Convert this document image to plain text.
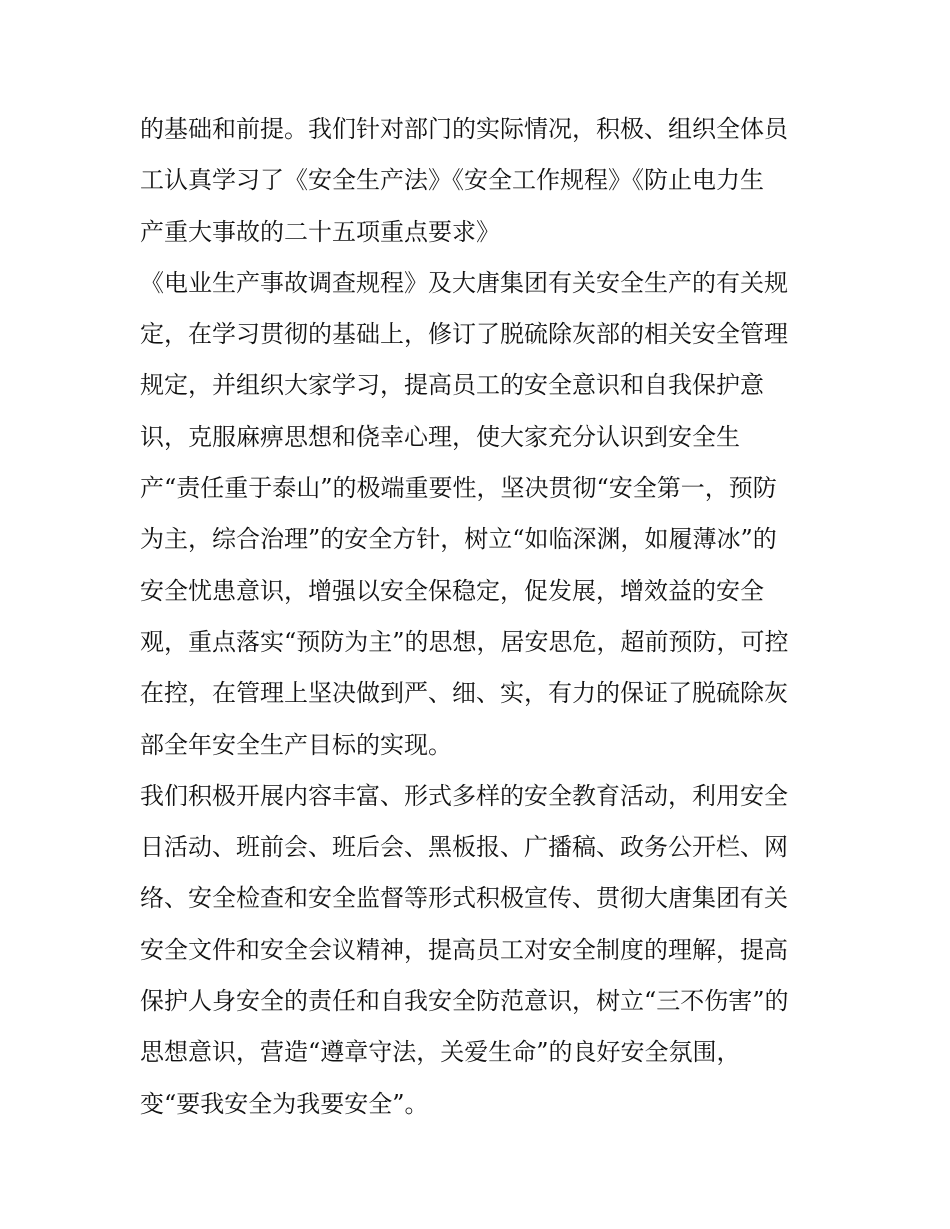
的基础和前提。我们针对部门的实际情况，积极、组织全体员
工认真学习了《安全生产法》《安全工作规程》《防止电力生
产重大事故的二十五项重点要求》
《电业生产事故调查规程》及大唐集团有关安全生产的有关规
定，在学习贯彻的基础上，修订了脱硫除灰部的相关安全管理
规定，并组织大家学习，提高员工的安全意识和自我保护意
识，克服麻痹思想和侥幸心理，使大家充分认识到安全生
产“责任重于泰山”的极端重要性，坚决贯彻“安全第一，预防
为主，综合治理”的安全方针，树立“如临深渊，如履薄冰”的
安全忧患意识，增强以安全保稳定，促发展，增效益的安全
观，重点落实“预防为主”的思想，居安思危，超前预防，可控
在控，在管理上坚决做到严、细、实，有力的保证了脱硫除灰
部全年安全生产目标的实现。
我们积极开展内容丰富、形式多样的安全教育活动，利用安全
日活动、班前会、班后会、黑板报、广播稿、政务公开栏、网
络、安全检查和安全监督等形式积极宣传、贯彻大唐集团有关
安全文件和安全会议精神，提高员工对安全制度的理解，提高
保护人身安全的责任和自我安全防范意识，树立“三不伤害”的
思想意识，营造“遵章守法，关爱生命”的良好安全氛围，
变“要我安全为我要安全”。
